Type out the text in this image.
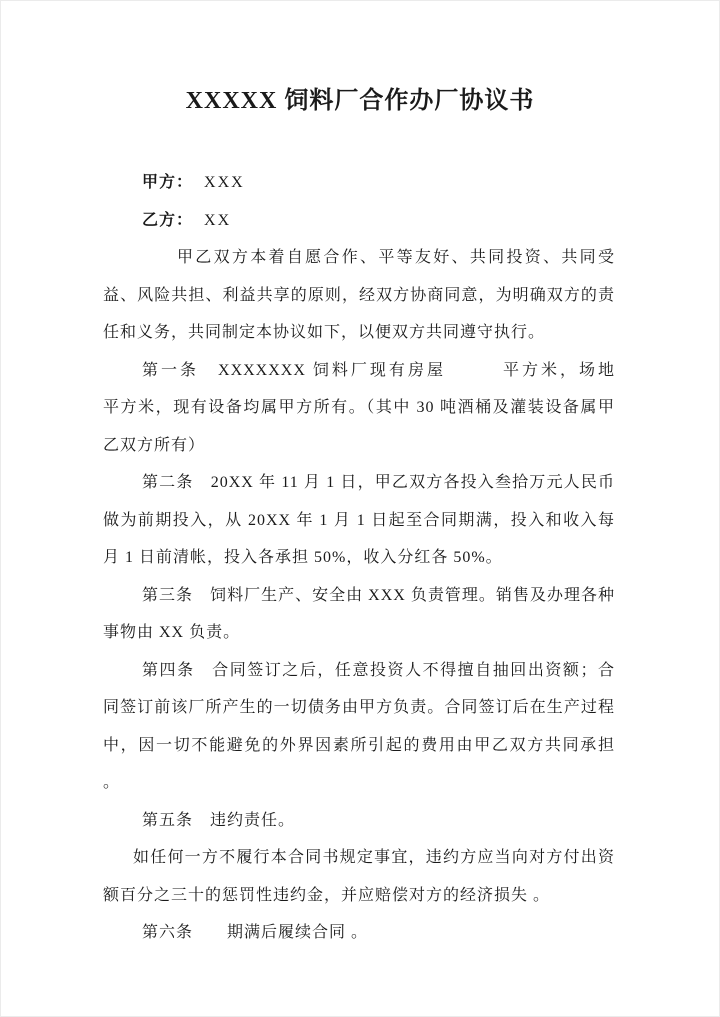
XXXXX 饲料厂合作办厂协议书

甲方： XXX

乙方： XX

甲乙双方本着自愿合作、平等友好、共同投资、共同受益、风险共担、利益共享的原则，经双方协商同意，为明确双方的责任和义务，共同制定本协议如下，以便双方共同遵守执行。

第一条　XXXXXXX 饲料厂现有房屋　　　平方米，场地　　　平方米，现有设备均属甲方所有。（其中 30 吨酒桶及灌装设备属甲乙双方所有）

第二条　20XX 年 11 月 1 日，甲乙双方各投入叁拾万元人民币做为前期投入，从 20XX 年 1 月 1 日起至合同期满，投入和收入每月 1 日前清帐，投入各承担 50%，收入分红各 50%。

第三条　饲料厂生产、安全由 XXX 负责管理。销售及办理各种事物由 XX 负责。

第四条　合同签订之后，任意投资人不得擅自抽回出资额；合同签订前该厂所产生的一切债务由甲方负责。合同签订后在生产过程中，因一切不能避免的外界因素所引起的费用由甲乙双方共同承担 。

第五条　违约责任。

如任何一方不履行本合同书规定事宜，违约方应当向对方付出资额百分之三十的惩罚性违约金，并应赔偿对方的经济损失 。

第六条　　期满后履续合同 。
